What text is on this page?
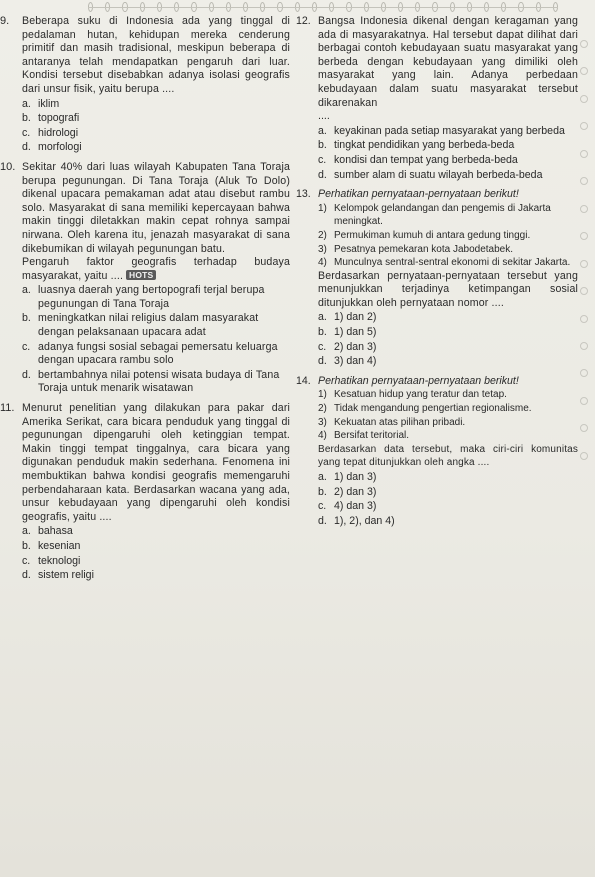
9. Beberapa suku di Indonesia ada yang tinggal di pedalaman hutan, kehidupan mereka cenderung primitif dan masih tradisional, meskipun beberapa di antaranya telah mendapatkan pengaruh dari luar. Kondisi tersebut disebabkan adanya isolasi geografis dari unsur fisik, yaitu berupa ....
a. iklim
b. topografi
c. hidrologi
d. morfologi
10. Sekitar 40% dari luas wilayah Kabupaten Tana Toraja berupa pegunungan. Di Tana Toraja (Aluk To Dolo) dikenal upacara pemakaman adat atau disebut rambu solo. Masyarakat di sana memiliki kepercayaan bahwa makin tinggi diletakkan makin cepat rohnya sampai nirwana. Oleh karena itu, jenazah masyarakat di sana dikebumikan di wilayah pegunungan batu.
Pengaruh faktor geografis terhadap budaya masyarakat, yaitu .... HOTS
a. luasnya daerah yang bertopografi terjal berupa pegunungan di Tana Toraja
b. meningkatkan nilai religius dalam masyarakat dengan pelaksanaan upacara adat
c. adanya fungsi sosial sebagai pemersatu keluarga dengan upacara rambu solo
d. bertambahnya nilai potensi wisata budaya di Tana Toraja untuk menarik wisatawan
11. Menurut penelitian yang dilakukan para pakar dari Amerika Serikat, cara bicara penduduk yang tinggal di pegunungan dipengaruhi oleh ketinggian tempat. Makin tinggi tempat tinggalnya, cara bicara yang digunakan penduduk makin sederhana. Fenomena ini membuktikan bahwa kondisi geografis memengaruhi perbendaharaan kata. Berdasarkan wacana yang ada, unsur kebudayaan yang dipengaruhi oleh kondisi geografis, yaitu ....
a. bahasa
b. kesenian
c. teknologi
d. sistem religi
12. Bangsa Indonesia dikenal dengan keragaman yang ada di masyarakatnya. Hal tersebut dapat dilihat dari berbagai contoh kebudayaan suatu masyarakat yang berbeda dengan kebudayaan yang dimiliki oleh masyarakat yang lain. Adanya perbedaan kebudayaan dalam suatu masyarakat tersebut dikarenakan
....
a. keyakinan pada setiap masyarakat yang berbeda
b. tingkat pendidikan yang berbeda-beda
c. kondisi dan tempat yang berbeda-beda
d. sumber alam di suatu wilayah berbeda-beda
13. Perhatikan pernyataan-pernyataan berikut!
1) Kelompok gelandangan dan pengemis di Jakarta meningkat.
2) Permukiman kumuh di antara gedung tinggi.
3) Pesatnya pemekaran kota Jabodetabek.
4) Munculnya sentral-sentral ekonomi di sekitar Jakarta.
Berdasarkan pernyataan-pernyataan tersebut yang menunjukkan terjadinya ketimpangan sosial ditunjukkan oleh pernyataan nomor ....
a. 1) dan 2)
b. 1) dan 5)
c. 2) dan 3)
d. 3) dan 4)
14. Perhatikan pernyataan-pernyataan berikut!
1) Kesatuan hidup yang teratur dan tetap.
2) Tidak mengandung pengertian regionalisme.
3) Kekuatan atas pilihan pribadi.
4) Bersifat teritorial.
Berdasarkan data tersebut, maka ciri-ciri komunitas yang tepat ditunjukkan oleh angka ....
a. 1) dan 3)
b. 2) dan 3)
c. 4) dan 3)
d. 1), 2), dan 4)
